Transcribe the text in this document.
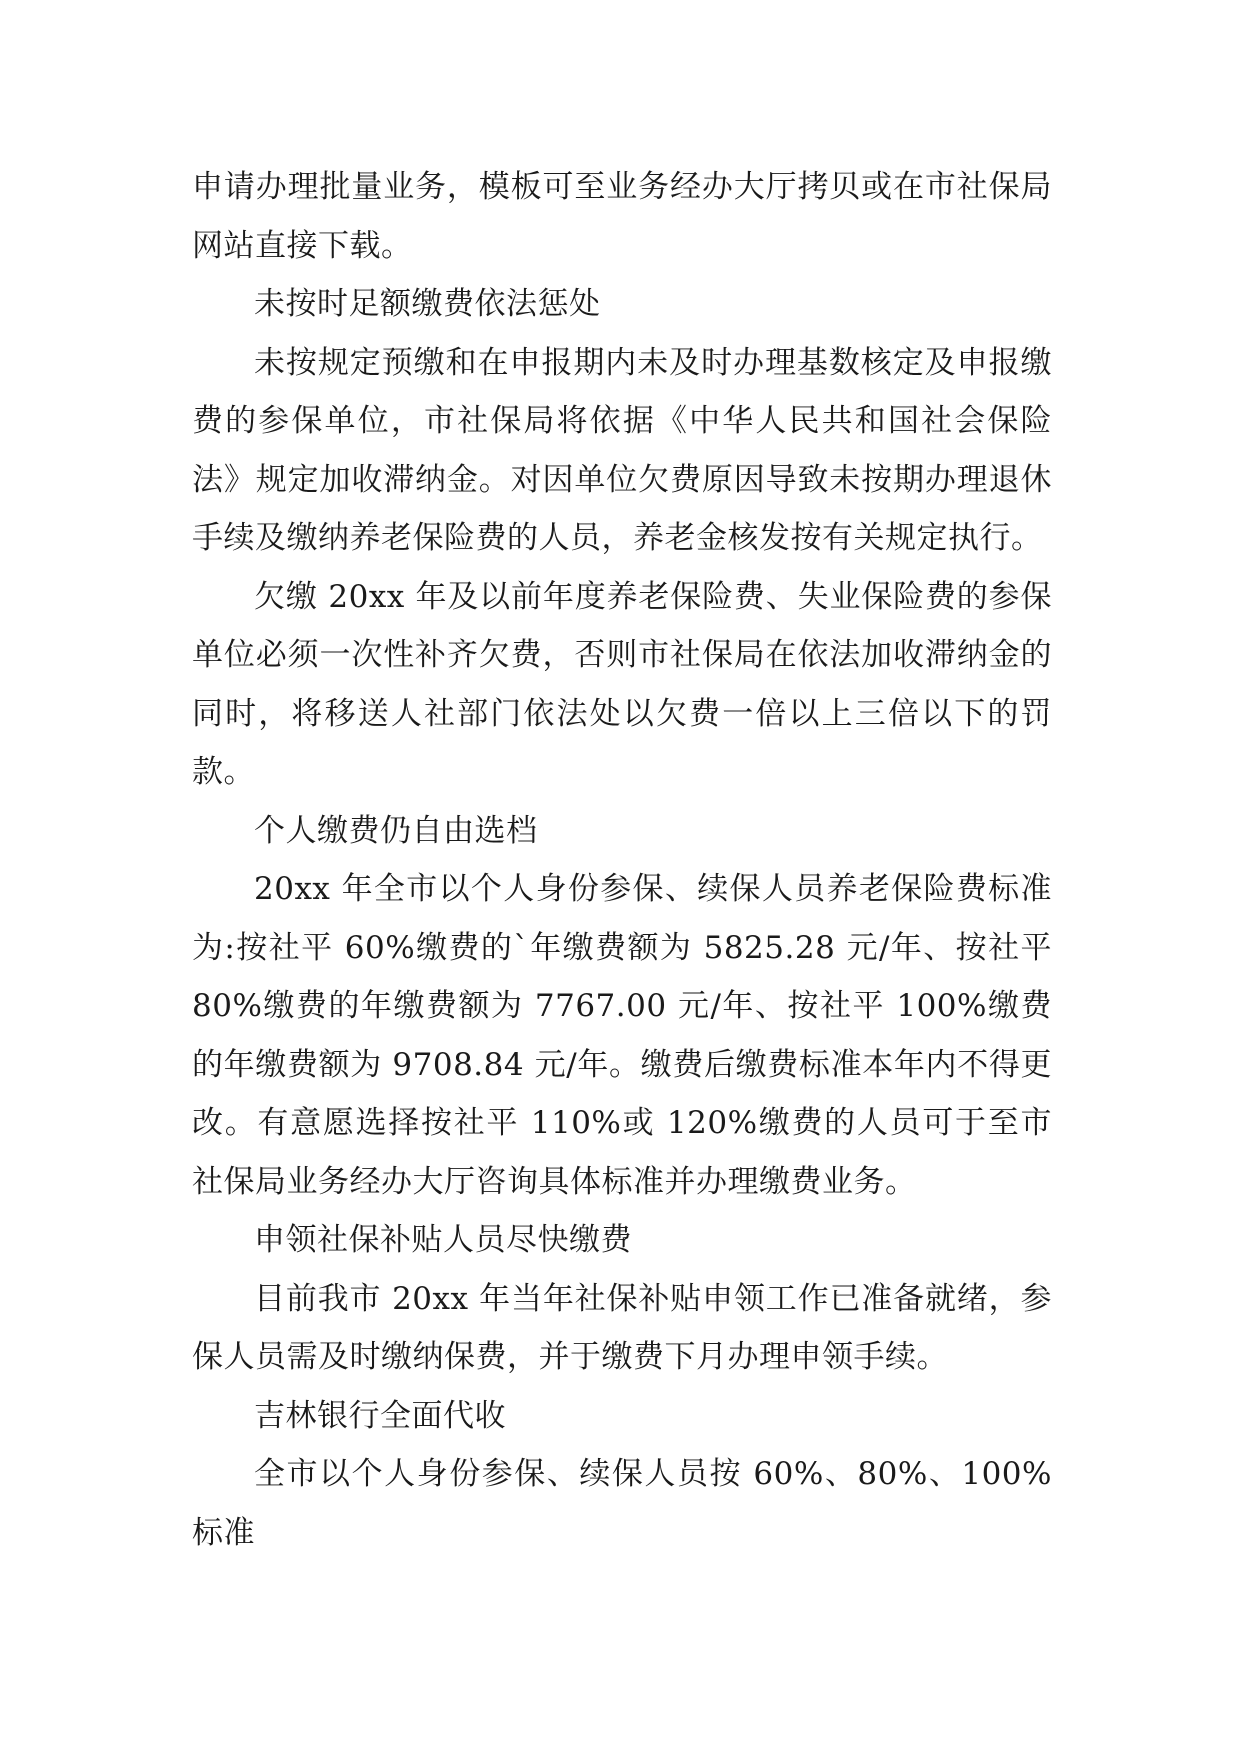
申请办理批量业务，模板可至业务经办大厅拷贝或在市社保局网站直接下载。

未按时足额缴费依法惩处

未按规定预缴和在申报期内未及时办理基数核定及申报缴费的参保单位，市社保局将依据《中华人民共和国社会保险法》规定加收滞纳金。对因单位欠费原因导致未按期办理退休手续及缴纳养老保险费的人员，养老金核发按有关规定执行。

欠缴 20xx 年及以前年度养老保险费、失业保险费的参保单位必须一次性补齐欠费，否则市社保局在依法加收滞纳金的同时，将移送人社部门依法处以欠费一倍以上三倍以下的罚款。

个人缴费仍自由选档

20xx 年全市以个人身份参保、续保人员养老保险费标准为:按社平 60%缴费的`年缴费额为 5825.28 元/年、按社平 80%缴费的年缴费额为 7767.00 元/年、按社平 100%缴费的年缴费额为 9708.84 元/年。缴费后缴费标准本年内不得更改。有意愿选择按社平 110%或 120%缴费的人员可于至市社保局业务经办大厅咨询具体标准并办理缴费业务。

申领社保补贴人员尽快缴费

目前我市 20xx 年当年社保补贴申领工作已准备就绪，参保人员需及时缴纳保费，并于缴费下月办理申领手续。

吉林银行全面代收

全市以个人身份参保、续保人员按 60%、80%、100%标准
